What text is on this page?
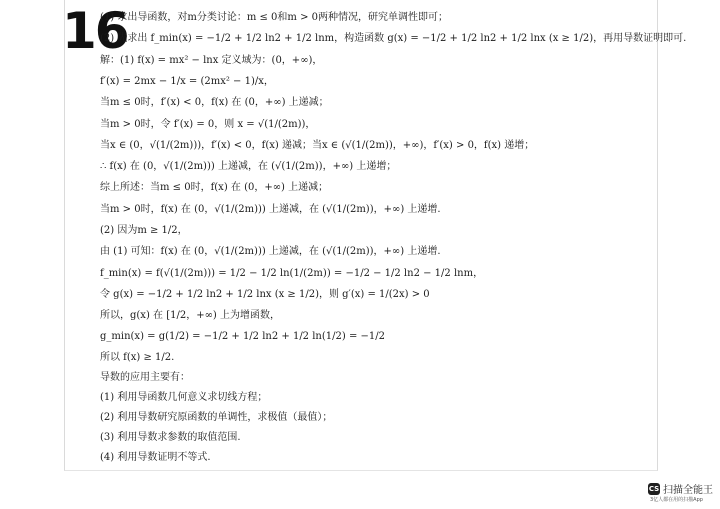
16
(1) 求出导函数，对m分类讨论：m ≤ 0和m > 0两种情况，研究单调性即可；
(2) 先求出 f_min(x) = −1/2 + 1/2 ln2 + 1/2 lnm，构造函数 g(x) = −1/2 + 1/2 ln2 + 1/2 lnx (x ≥ 1/2)，再用导数证明即可.
解：(1) f(x) = mx² − lnx 定义域为：(0，+∞)，
f′(x) = 2mx − 1/x = (2mx² − 1)/x，
当m ≤ 0时，f′(x) < 0，f(x) 在 (0，+∞) 上递减；
当m > 0时，令 f′(x) = 0，则 x = √(1/(2m))，
当x ∈ (0，√(1/(2m)))，f′(x) < 0，f(x) 递减；当x ∈ (√(1/(2m))，+∞)，f′(x) > 0，f(x) 递增；
∴ f(x) 在 (0，√(1/(2m))) 上递减，在 (√(1/(2m))，+∞) 上递增；
综上所述：当m ≤ 0时，f(x) 在 (0，+∞) 上递减；
当m > 0时，f(x) 在 (0，√(1/(2m))) 上递减，在 (√(1/(2m))，+∞) 上递增.
(2) 因为m ≥ 1/2，
由 (1) 可知：f(x) 在 (0，√(1/(2m))) 上递减，在 (√(1/(2m))，+∞) 上递增.
f_min(x) = f(√(1/(2m))) = 1/2 − 1/2 ln(1/(2m)) = −1/2 − 1/2 ln2 − 1/2 lnm，
令 g(x) = −1/2 + 1/2 ln2 + 1/2 lnx (x ≥ 1/2)，则 g′(x) = 1/(2x) > 0
所以，g(x) 在 [1/2，+∞) 上为增函数，
g_min(x) = g(1/2) = −1/2 + 1/2 ln2 + 1/2 ln(1/2) = −1/2
所以 f(x) ≥ 1/2.
导数的应用主要有：
(1) 利用导函数几何意义求切线方程；
(2) 利用导数研究原函数的单调性，求极值（最值）；
(3) 利用导数求参数的取值范围.
(4) 利用导数证明不等式.
CS 扫描全能王
3亿人都在用的扫描App
